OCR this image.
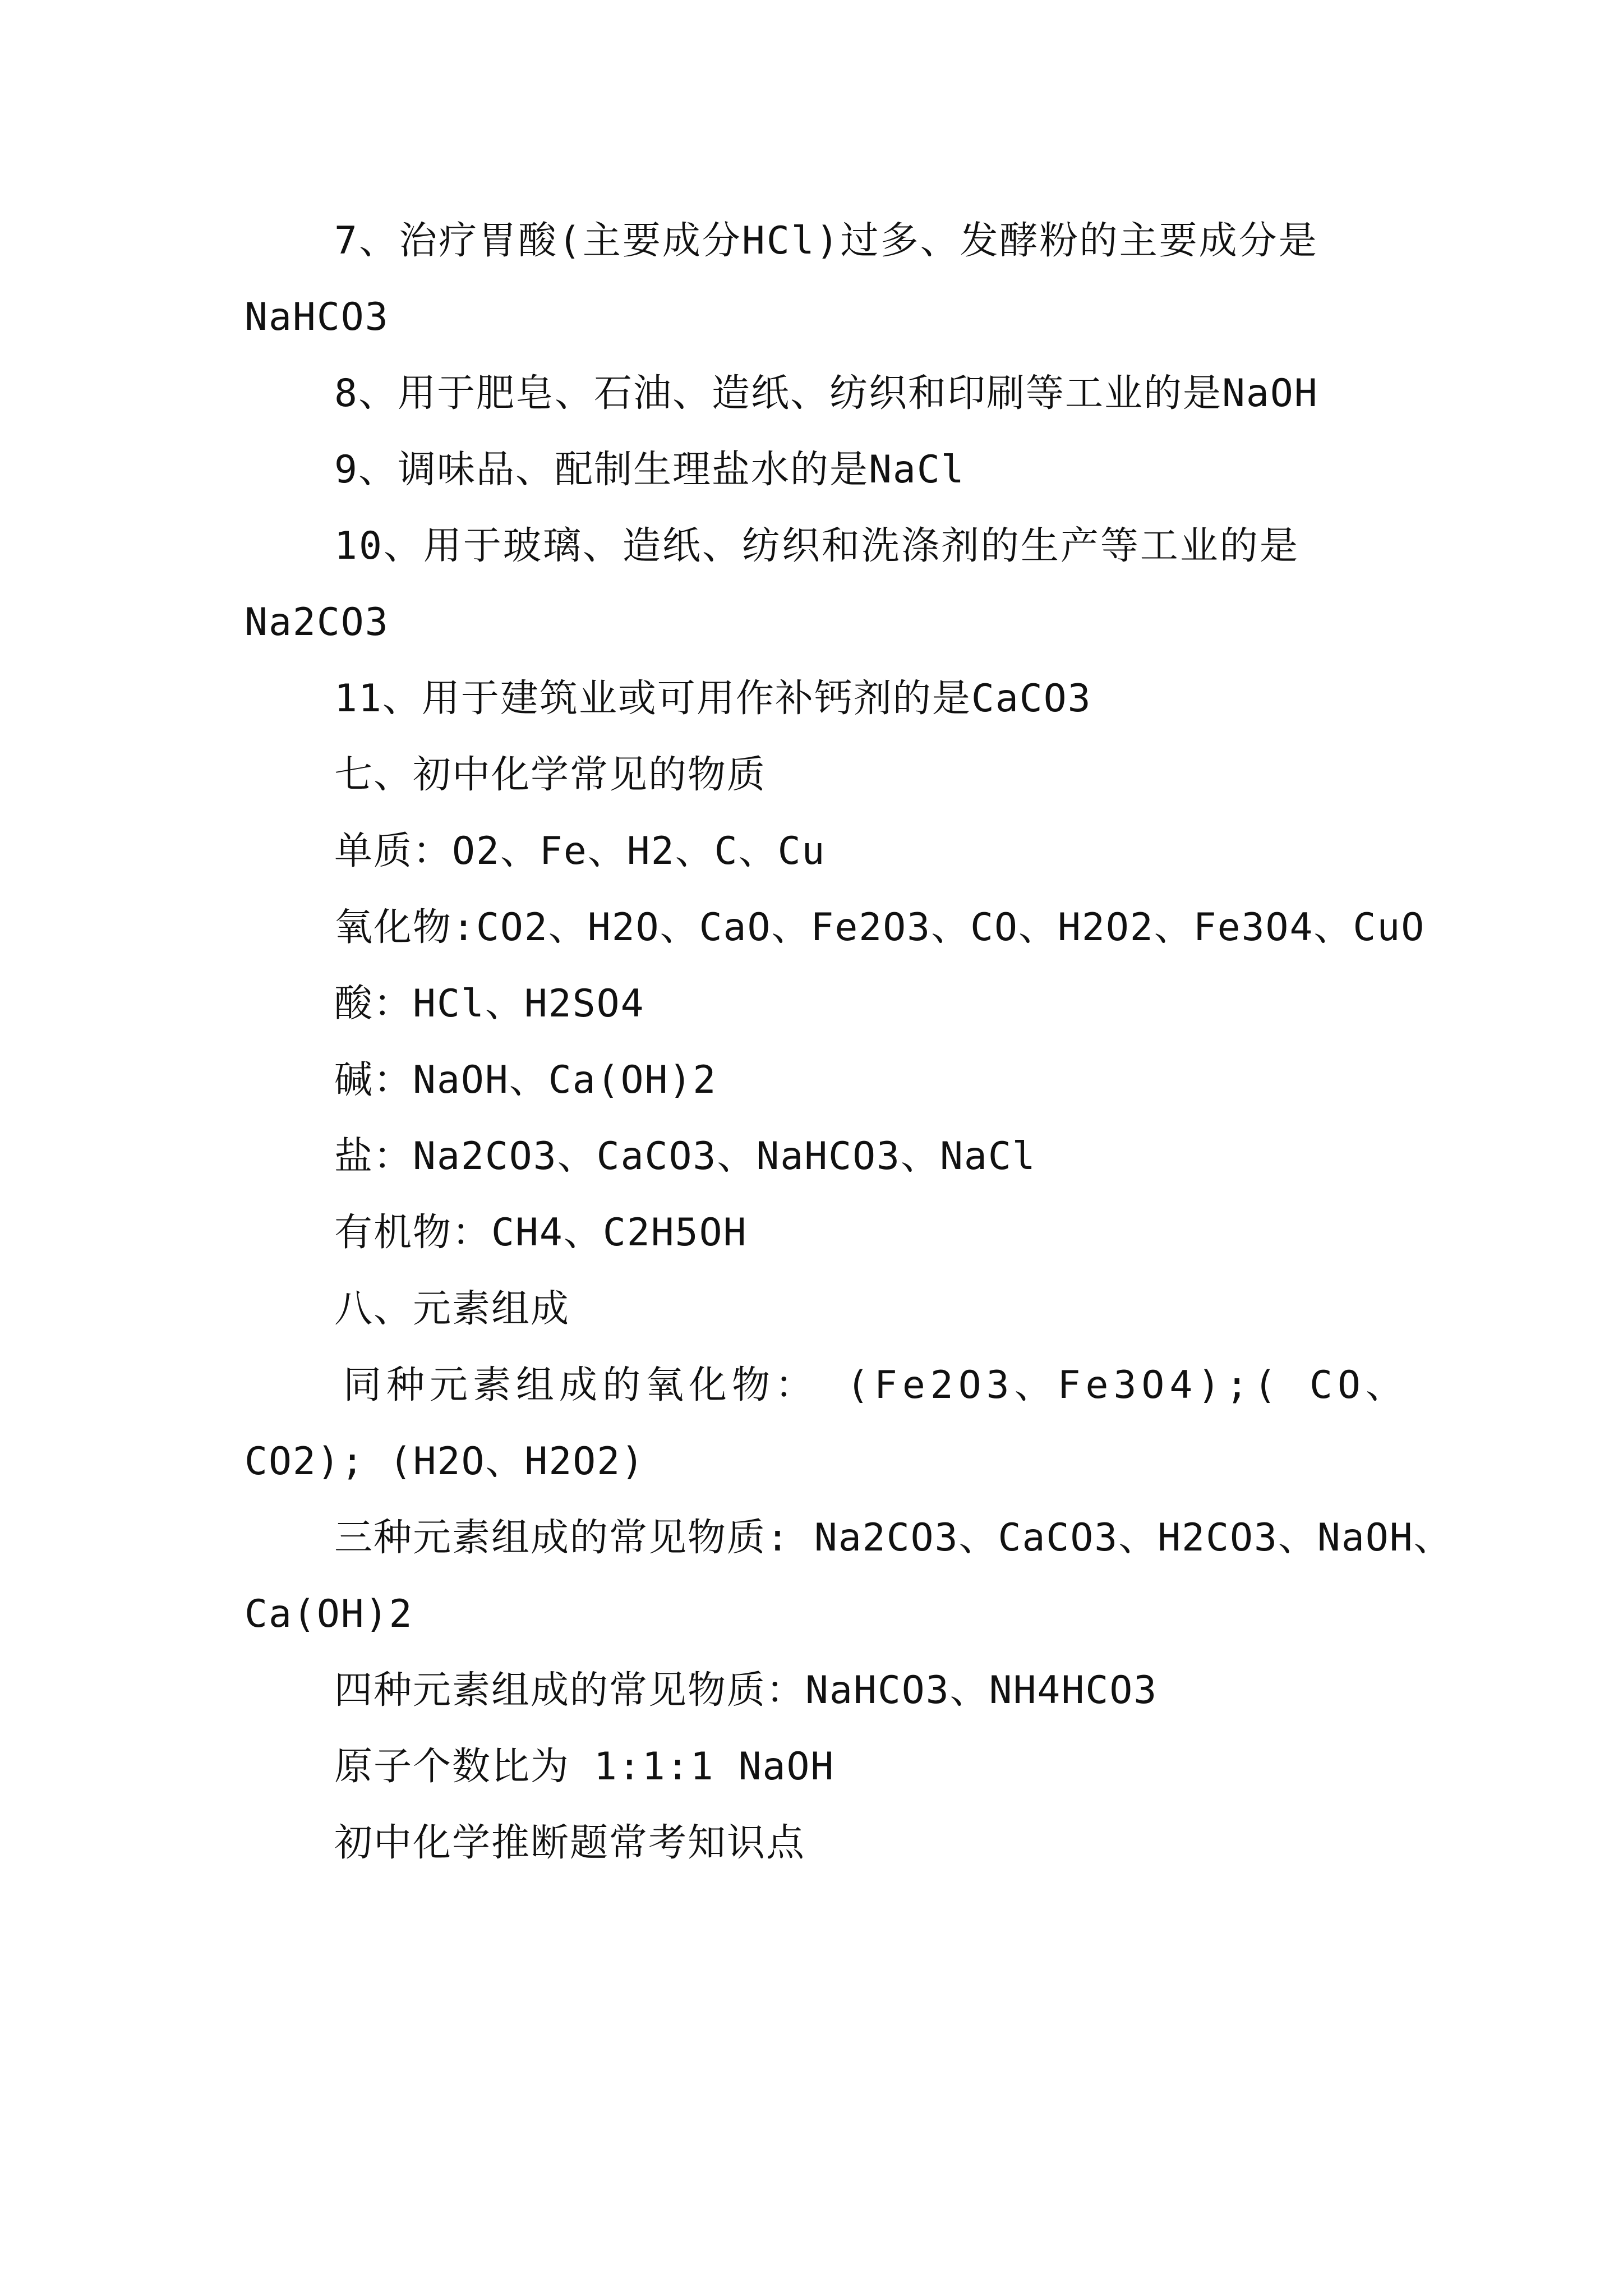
7、治疗胃酸(主要成分HCl)过多、发酵粉的主要成分是
NaHCO3
8、用于肥皂、石油、造纸、纺织和印刷等工业的是NaOH
9、调味品、配制生理盐水的是NaCl
10、用于玻璃、造纸、纺织和洗涤剂的生产等工业的是
Na2CO3
11、用于建筑业或可用作补钙剂的是CaCO3
七、初中化学常见的物质
单质：O2、Fe、H2、C、Cu
氧化物:CO2、H2O、CaO、Fe2O3、CO、H2O2、Fe3O4、CuO
酸：HCl、H2SO4
碱：NaOH、Ca(OH)2
盐：Na2CO3、CaCO3、NaHCO3、NaCl
有机物：CH4、C2H5OH
八、元素组成
同种元素组成的氧化物： (Fe2O3、Fe3O4);( CO、
CO2); (H2O、H2O2)
三种元素组成的常见物质: Na2CO3、CaCO3、H2CO3、NaOH、
Ca(OH)2
四种元素组成的常见物质：NaHCO3、NH4HCO3
原子个数比为 1:1:1 NaOH
初中化学推断题常考知识点
